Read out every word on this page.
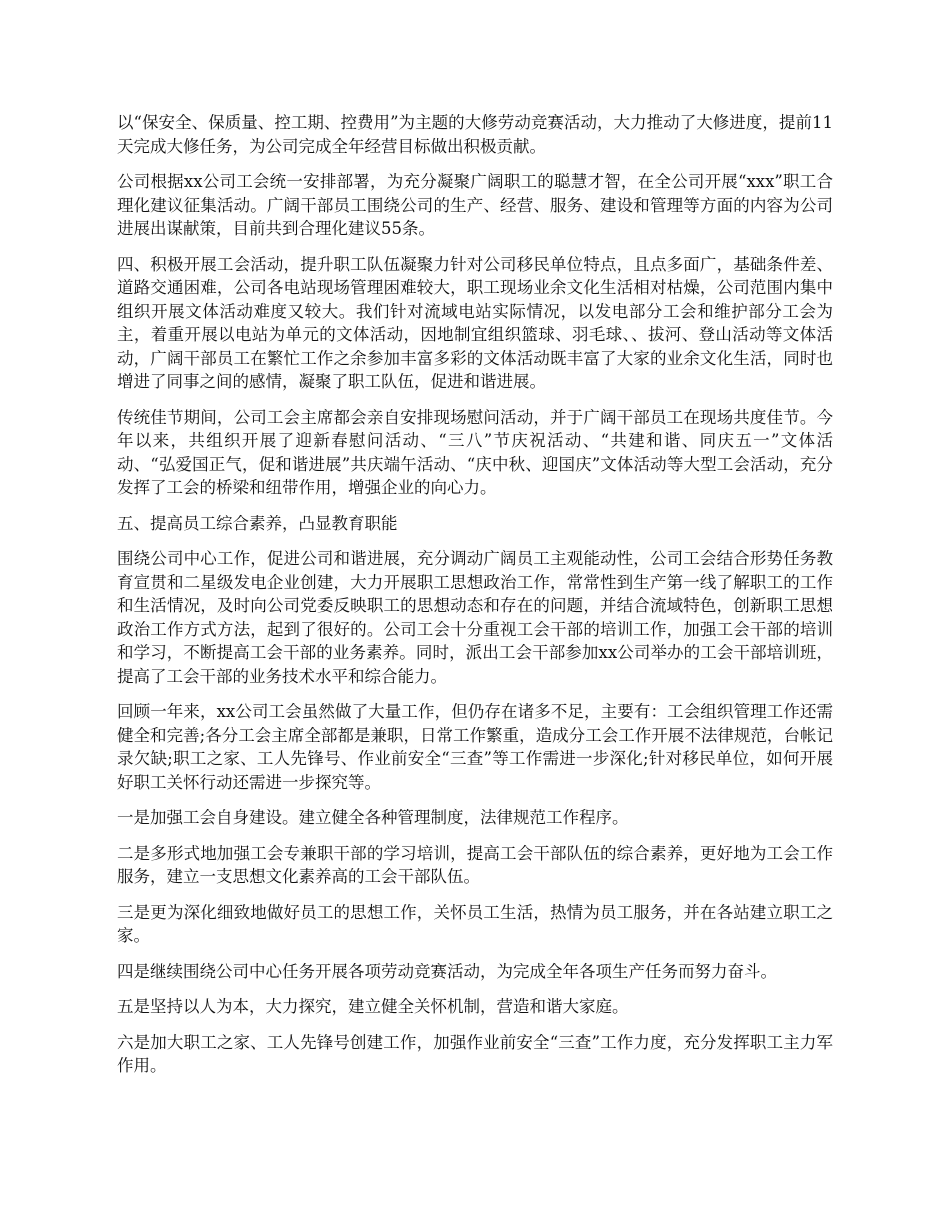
以“保安全、保质量、控工期、控费用”为主题的大修劳动竞赛活动，大力推动了大修进度，提前11天完成大修任务，为公司完成全年经营目标做出积极贡献。

公司根据xx公司工会统一安排部署，为充分凝聚广阔职工的聪慧才智，在全公司开展“xxx”职工合理化建议征集活动。广阔干部员工围绕公司的生产、经营、服务、建设和管理等方面的内容为公司进展出谋献策，目前共到合理化建议55条。

四、积极开展工会活动，提升职工队伍凝聚力针对公司移民单位特点，且点多面广，基础条件差、道路交通困难，公司各电站现场管理困难较大，职工现场业余文化生活相对枯燥，公司范围内集中组织开展文体活动难度又较大。我们针对流域电站实际情况，以发电部分工会和维护部分工会为主，着重开展以电站为单元的文体活动，因地制宜组织篮球、羽毛球、、拔河、登山活动等文体活动，广阔干部员工在繁忙工作之余参加丰富多彩的文体活动既丰富了大家的业余文化生活，同时也增进了同事之间的感情，凝聚了职工队伍，促进和谐进展。

传统佳节期间，公司工会主席都会亲自安排现场慰问活动，并于广阔干部员工在现场共度佳节。今年以来，共组织开展了迎新春慰问活动、“三八”节庆祝活动、“共建和谐、同庆五一”文体活动、“弘爱国正气，促和谐进展”共庆端午活动、“庆中秋、迎国庆”文体活动等大型工会活动，充分发挥了工会的桥梁和纽带作用，增强企业的向心力。

五、提高员工综合素养，凸显教育职能

围绕公司中心工作，促进公司和谐进展，充分调动广阔员工主观能动性，公司工会结合形势任务教育宣贯和二星级发电企业创建，大力开展职工思想政治工作，常常性到生产第一线了解职工的工作和生活情况，及时向公司党委反映职工的思想动态和存在的问题，并结合流域特色，创新职工思想政治工作方式方法，起到了很好的。公司工会十分重视工会干部的培训工作，加强工会干部的培训和学习，不断提高工会干部的业务素养。同时，派出工会干部参加xx公司举办的工会干部培训班，提高了工会干部的业务技术水平和综合能力。

回顾一年来，xx公司工会虽然做了大量工作，但仍存在诸多不足，主要有：工会组织管理工作还需健全和完善;各分工会主席全部都是兼职，日常工作繁重，造成分工会工作开展不法律规范，台帐记录欠缺;职工之家、工人先锋号、作业前安全“三查”等工作需进一步深化;针对移民单位，如何开展好职工关怀行动还需进一步探究等。

一是加强工会自身建设。建立健全各种管理制度，法律规范工作程序。

二是多形式地加强工会专兼职干部的学习培训，提高工会干部队伍的综合素养，更好地为工会工作服务，建立一支思想文化素养高的工会干部队伍。

三是更为深化细致地做好员工的思想工作，关怀员工生活，热情为员工服务，并在各站建立职工之家。

四是继续围绕公司中心任务开展各项劳动竞赛活动，为完成全年各项生产任务而努力奋斗。

五是坚持以人为本，大力探究，建立健全关怀机制，营造和谐大家庭。

六是加大职工之家、工人先锋号创建工作，加强作业前安全“三查”工作力度，充分发挥职工主力军作用。
